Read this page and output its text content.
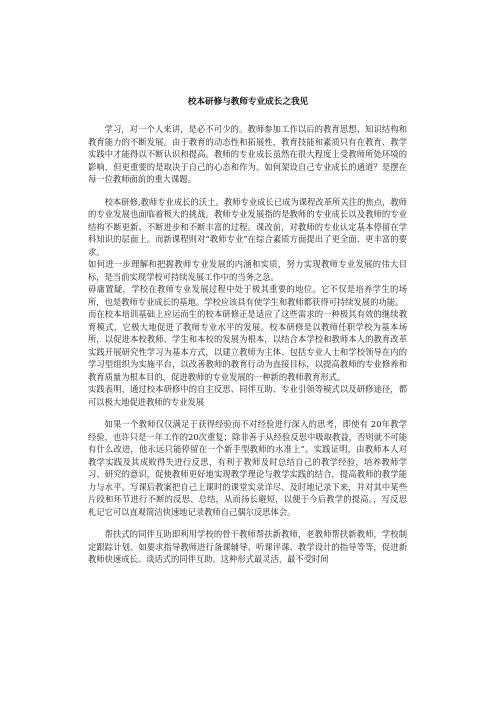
校本研修与教师专业成长之我见

学习，对一个人来讲，是必不可少的。教师参加工作以后的教育思想、知识结构和教育能力的不断发展。由于教育的动态性和拓展性，教育技能和素质只有在教育、教学实践中才能得以不断认识和提高。教师的专业成长虽然在很大程度上受教师所处环境的影响，但更重要的是取决于自己的心态和作为。如何架设自己专业成长的通道？是摆在每一位教师面前的重大课题。

校本研修,教师专业成长的沃土。教师专业成长已成为课程改革所关注的焦点，教师的专业发展也面临着极大的挑战。教师专业发展指的是教师的专业成长以及教师的专业结构不断更新、不断进步和不断丰富的过程。课改前，对教师的专业认定基本停留在学科知识的层面上。而新课程则对“教师专业”在综合素质方面提出了更全面、更丰富的要求。

如何进一步理解和把握教师专业发展的内涵和实质，努力实现教师专业发展的伟大目标，是当前实现学校可持续发展工作中的当务之急。

毋庸置疑，学校在教师专业发展过程中处于极其重要的地位。它不仅是培养学生的场所，也是教师专业成长的基地。学校应该具有使学生和教师都获得可持续发展的功能。

而在校本培训基础上应运而生的校本研修正是适应了这些需求的一种极其有效的继续教育模式，它极大地促进了教师专业水平的发展。校本研修是以教师任职学校为基本场所，以促进本校教师、学生和本校的发展为根本，以结合本学校和教师本人的教育改革实践开展研究性学习为基本方式，以建立教师为主体、包括专业人士和学校领导在内的学习型组织为实施平台，以改善教师的教育行动为直接目标，以提高教师的专业修养和教育质量为根本目的，促进教师的专业发展的一种新的教师教育形式。

实践表明，通过校本研修中的自主反思、同伴互助、专业引领等模式以及研修途径，都可以极大地促进教师的专业发展

如果一个教师仅仅满足于获得经验而不对经验进行深入的思考，即使有 20年教学经验，也许只是一年工作的20次重复；除非善于从经验反思中吸取教益，否则就不可能有什么改进，他永远只能停留在一个新手型教师的水准上”。实践证明，由教师本人对教学实践及其成败得失进行反思，有利于教师及时总结自己的教学经验，培养教师学习、研究的意识，促使教师更好地实现教学理论与教学实践的结合，提高教师的教学能力与水平。写课后教案把自己上课时的课堂实录详尽、及时地记录下来，并对其中某些片段和环节进行不断的反思、总结，从而扬长避短，以便于今后教学的提高。，写反思札记它可以直观简洁快速地记录教师自己偶尔反思体会。

帮扶式的同伴互助即利用学校的骨干教师帮扶新教师，老教师帮扶新教师，学校制定跟踪计划。如要求指导教师进行备课辅导、听课评课、教学设计的指导等等，促进新教师快速成长。谈话式的同伴互助。这种形式最灵活，最不受时间
